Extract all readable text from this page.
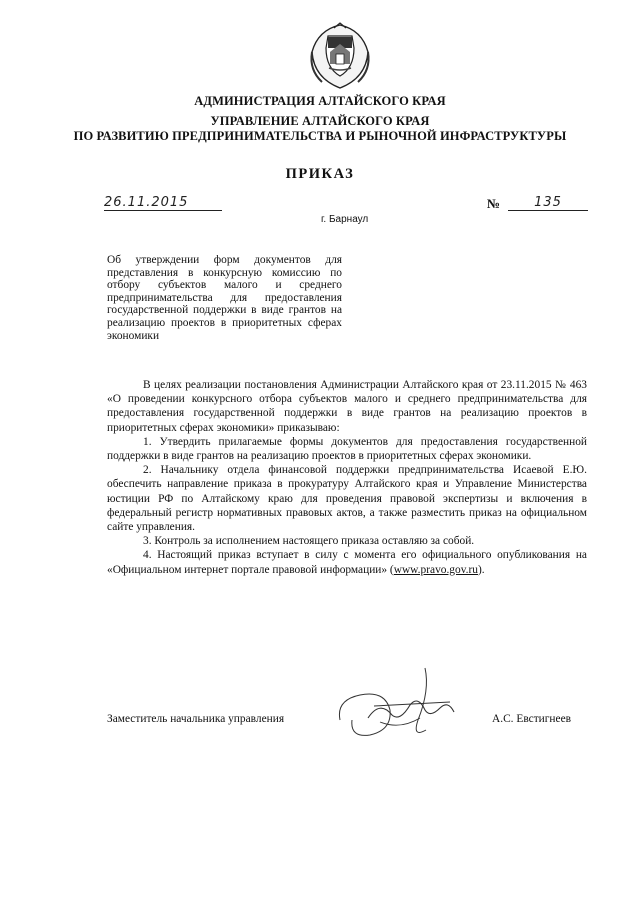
АДМИНИСТРАЦИЯ АЛТАЙСКОГО КРАЯ
УПРАВЛЕНИЕ АЛТАЙСКОГО КРАЯ
ПО РАЗВИТИЮ ПРЕДПРИНИМАТЕЛЬСТВА И РЫНОЧНОЙ ИНФРАСТРУКТУРЫ
ПРИКАЗ
26.11.2015	№	135
г. Барнаул
Об утверждении форм документов для представления в конкурсную комиссию по отбору субъектов малого и среднего предпринимательства для предоставления государственной поддержки в виде грантов на реализацию проектов в приоритетных сферах экономики

В целях реализации постановления Администрации Алтайского края от 23.11.2015 № 463 «О проведении конкурсного отбора субъектов малого и среднего предпринимательства для предоставления государственной поддержки в виде грантов на реализацию проектов в приоритетных сферах экономики» приказываю:

1. Утвердить прилагаемые формы документов для предоставления государственной поддержки в виде грантов на реализацию проектов в приоритетных сферах экономики.

2. Начальнику отдела финансовой поддержки предпринимательства Исаевой Е.Ю. обеспечить направление приказа в прокуратуру Алтайского края и Управление Министерства юстиции РФ по Алтайскому краю для проведения правовой экспертизы и включения в федеральный регистр нормативных правовых актов, а также разместить приказ на официальном сайте управления.

3. Контроль за исполнением настоящего приказа оставляю за собой.

4. Настоящий приказ вступает в силу с момента его официального опубликования на «Официальном интернет портале правовой информации» (www.pravo.gov.ru).

Заместитель начальника управления	А.С. Евстигнеев
